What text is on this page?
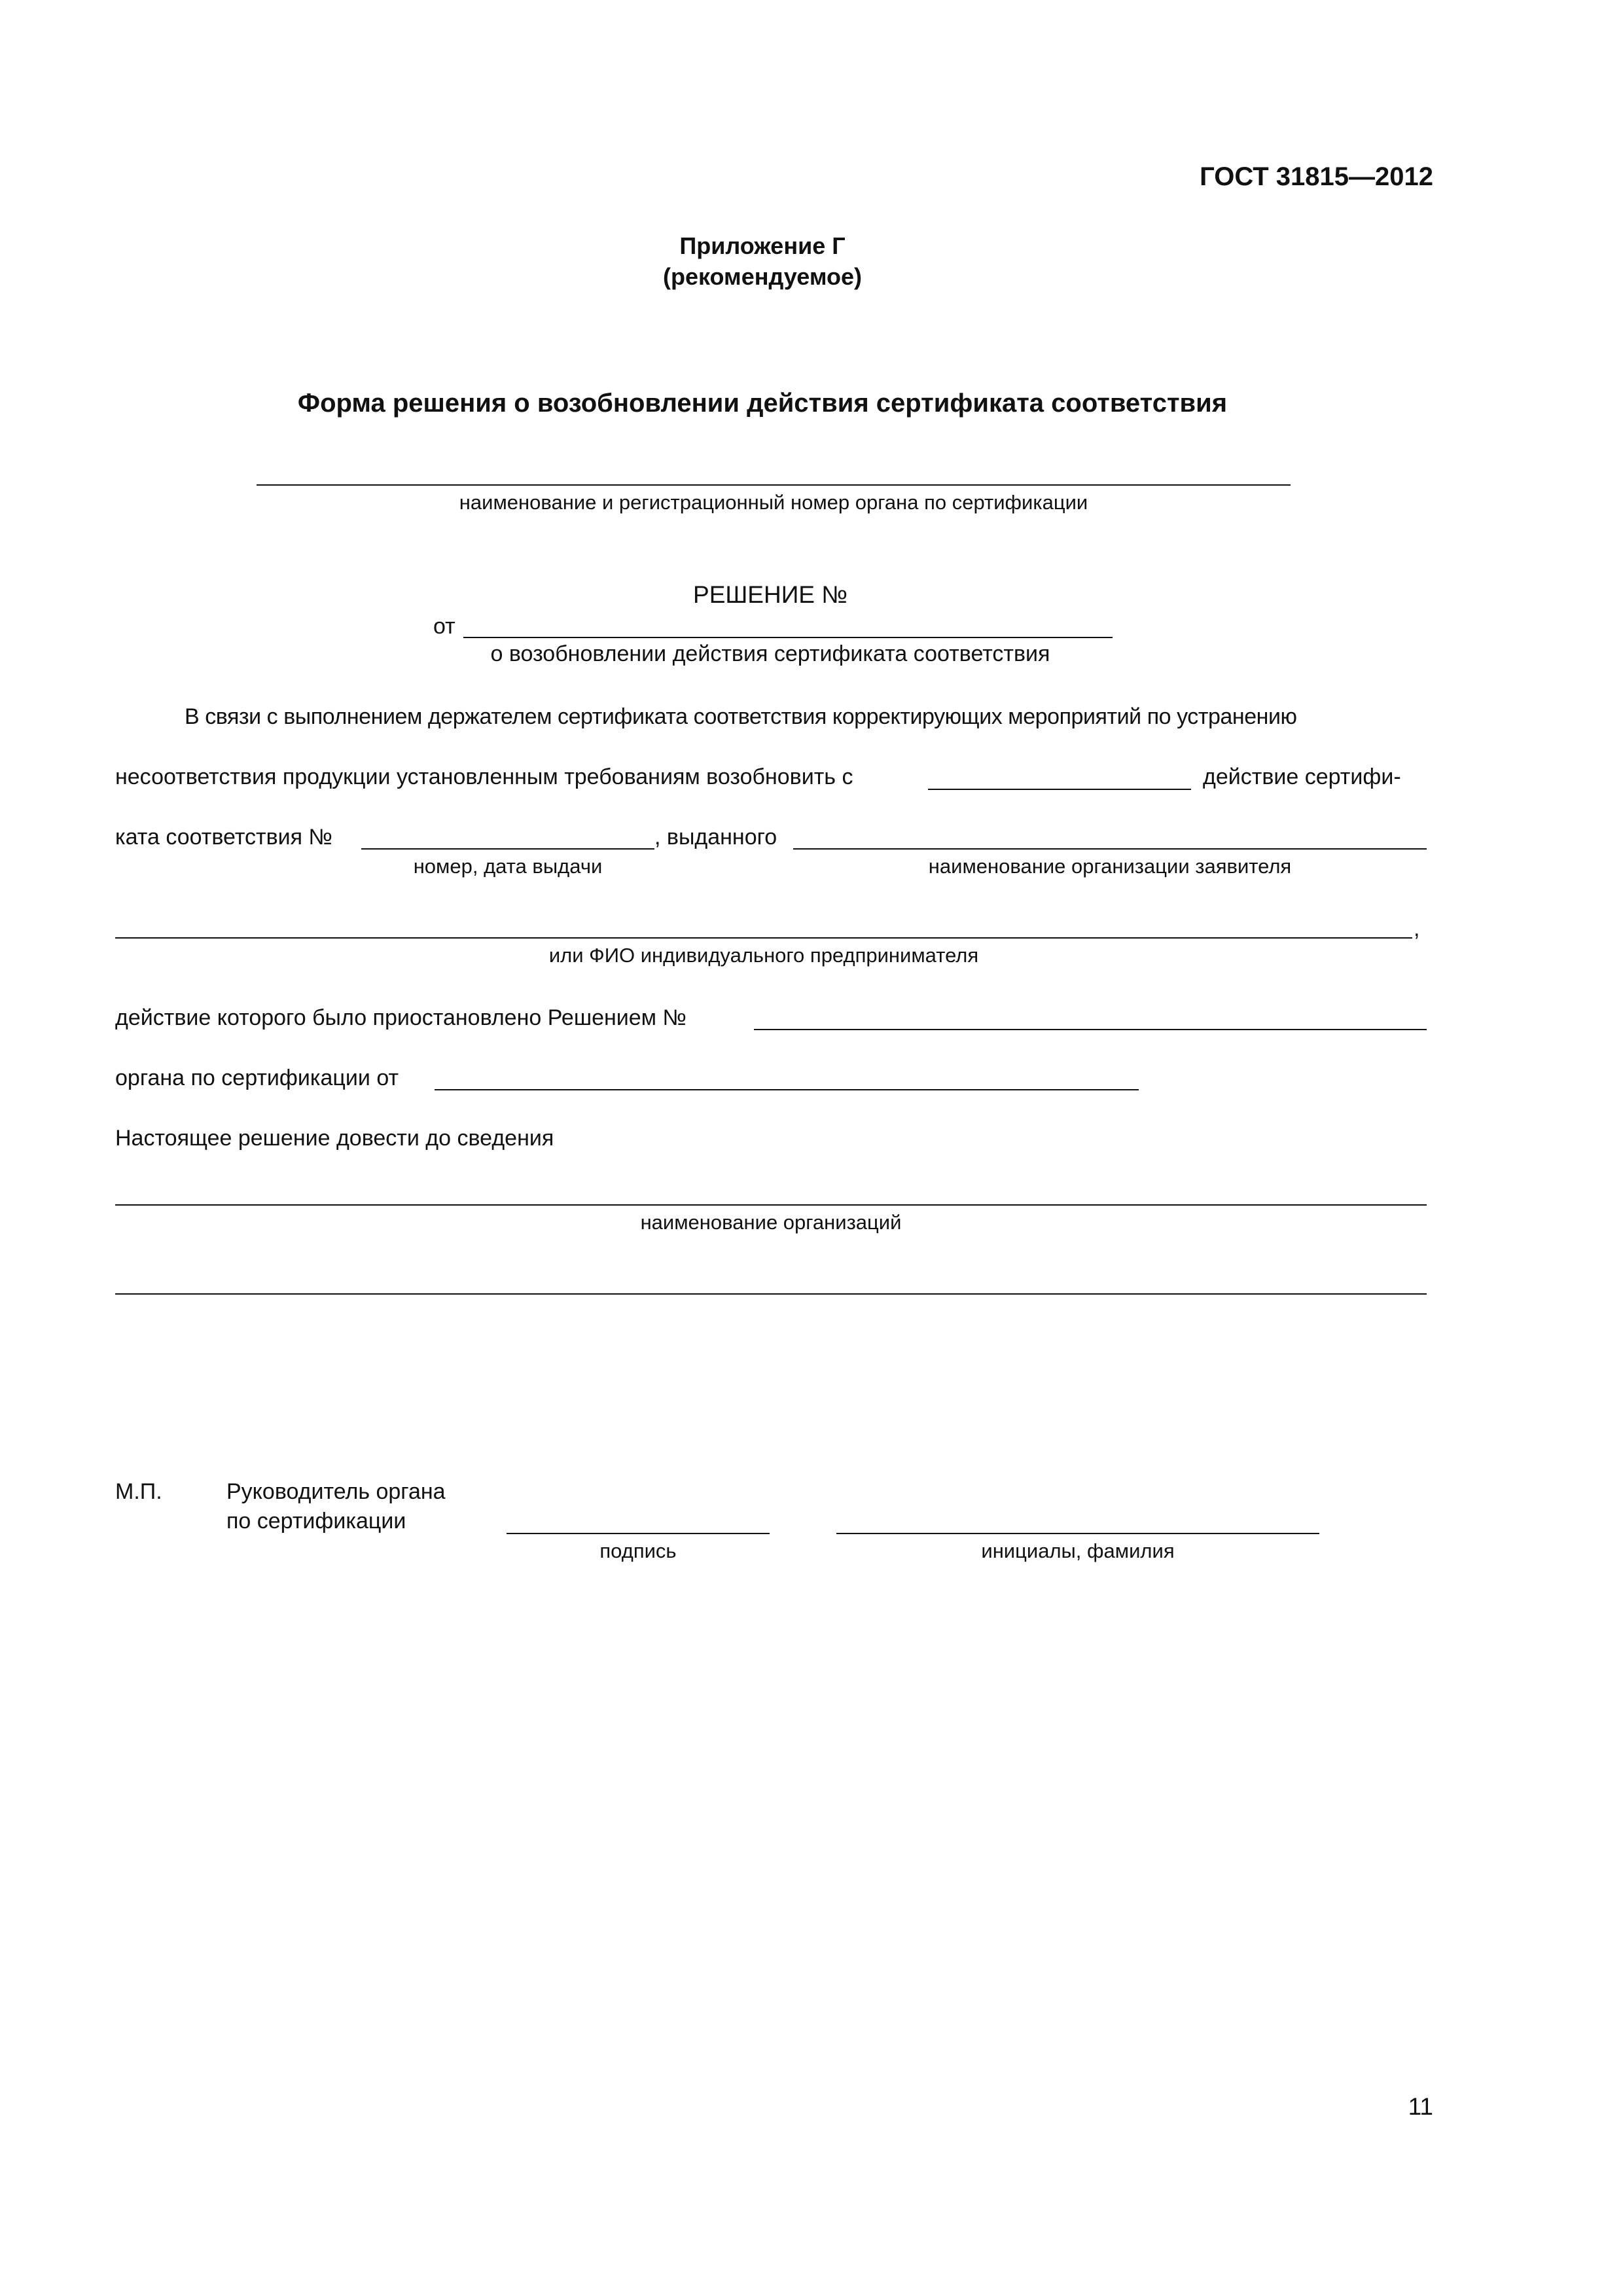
ГОСТ 31815—2012
Приложение Г
(рекомендуемое)
Форма решения о возобновлении действия сертификата соответствия
наименование и регистрационный номер органа по сертификации
РЕШЕНИЕ №
от
о возобновлении действия сертификата соответствия
В связи с выполнением держателем сертификата соответствия корректирующих мероприятий по устранению
несоответствия продукции установленным требованиям возобновить с	действие сертифи-
ката соответствия №	, выданного
номер, дата выдачи	наименование организации заявителя
,
или ФИО индивидуального предпринимателя
действие которого было приостановлено Решением №
органа по сертификации от
Настоящее решение довести до сведения
наименование организаций
М.П.	Руководитель органа
по сертификации
подпись	инициалы, фамилия
11
